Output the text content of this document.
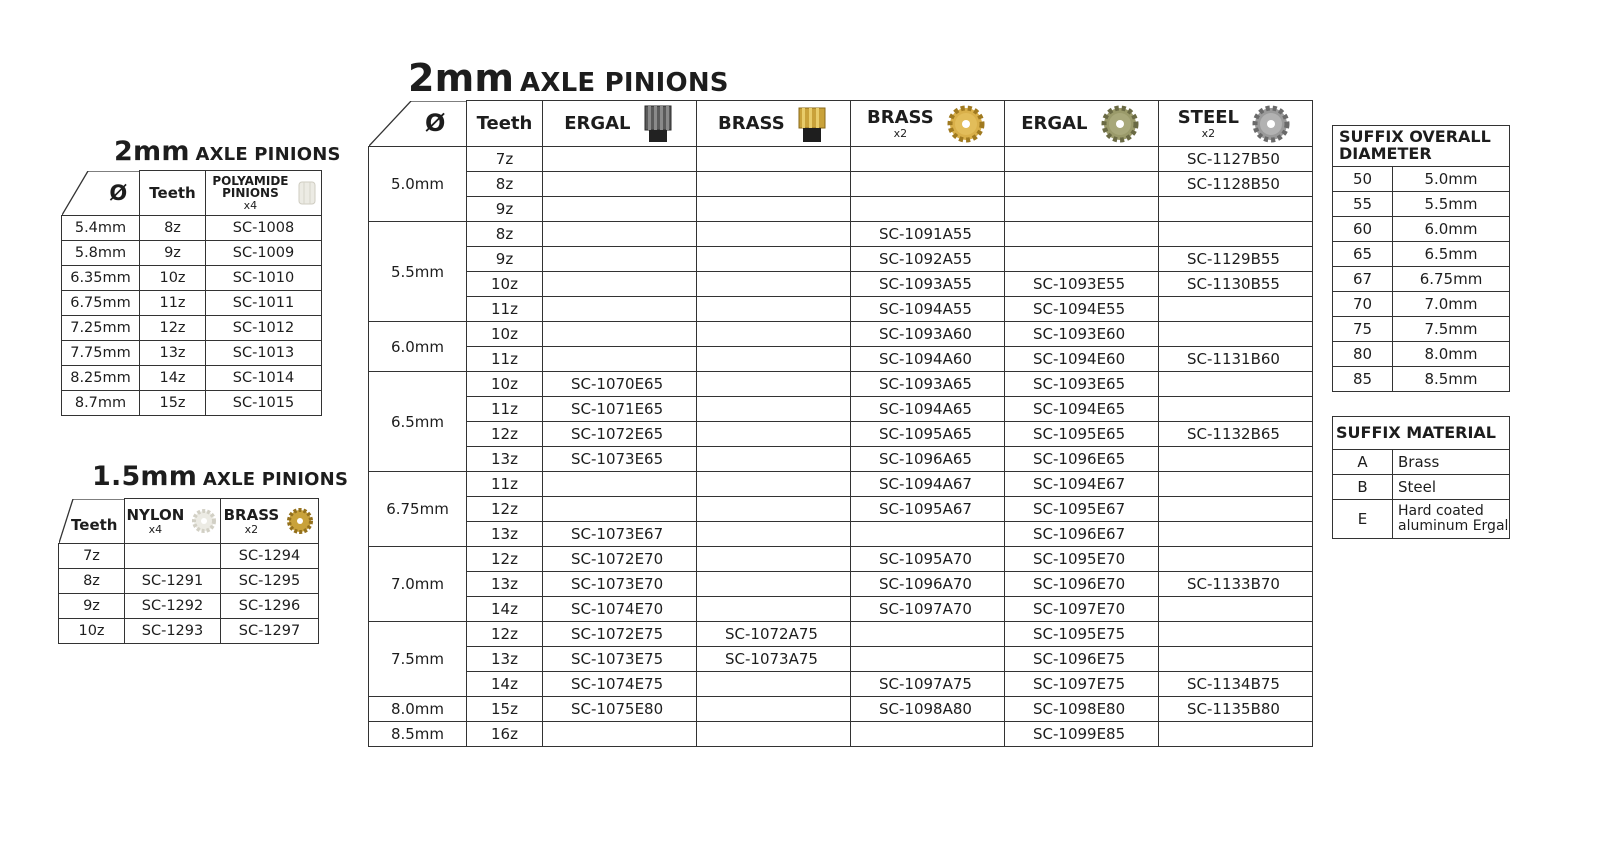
2mm AXLE PINIONS
Ø	Teeth	ERGAL	BRASS	BRASS
x2	ERGAL	STEEL
x2

5.0mm	7z					SC-1127B50
	8z					SC-1128B50
	9z					
5.5mm	8z			SC-1091A55		
	9z			SC-1092A55		SC-1129B55
	10z			SC-1093A55	SC-1093E55	SC-1130B55
	11z			SC-1094A55	SC-1094E55	
6.0mm	10z			SC-1093A60	SC-1093E60	
	11z			SC-1094A60	SC-1094E60	SC-1131B60
6.5mm	10z	SC-1070E65		SC-1093A65	SC-1093E65	
	11z	SC-1071E65		SC-1094A65	SC-1094E65	
	12z	SC-1072E65		SC-1095A65	SC-1095E65	SC-1132B65
	13z	SC-1073E65		SC-1096A65	SC-1096E65	
6.75mm	11z			SC-1094A67	SC-1094E67	
	12z			SC-1095A67	SC-1095E67	
	13z	SC-1073E67			SC-1096E67	
7.0mm	12z	SC-1072E70		SC-1095A70	SC-1095E70	
	13z	SC-1073E70		SC-1096A70	SC-1096E70	SC-1133B70
	14z	SC-1074E70		SC-1097A70	SC-1097E70	
7.5mm	12z	SC-1072E75	SC-1072A75		SC-1095E75	
	13z	SC-1073E75	SC-1073A75		SC-1096E75	
	14z	SC-1074E75		SC-1097A75	SC-1097E75	SC-1134B75
8.0mm	15z	SC-1075E80		SC-1098A80	SC-1098E80	SC-1135B80
8.5mm	16z				SC-1099E85	
2mm AXLE PINIONS
Ø	Teeth	POLYAMIDE PINIONS
x4

5.4mm	8z	SC-1008
5.8mm	9z	SC-1009
6.35mm	10z	SC-1010
6.75mm	11z	SC-1011
7.25mm	12z	SC-1012
7.75mm	13z	SC-1013
8.25mm	14z	SC-1014
8.7mm	15z	SC-1015
1.5mm AXLE PINIONS
Teeth	NYLON
x4	BRASS
x2

7z		SC-1294
8z	SC-1291	SC-1295
9z	SC-1292	SC-1296
10z	SC-1293	SC-1297
SUFFIX OVERALL DIAMETER	
50	5.0mm
55	5.5mm
60	6.0mm
65	6.5mm
67	6.75mm
70	7.0mm
75	7.5mm
80	8.0mm
85	8.5mm
SUFFIX MATERIAL	
A	Brass
B	Steel
E	Hard coated aluminum Ergal
